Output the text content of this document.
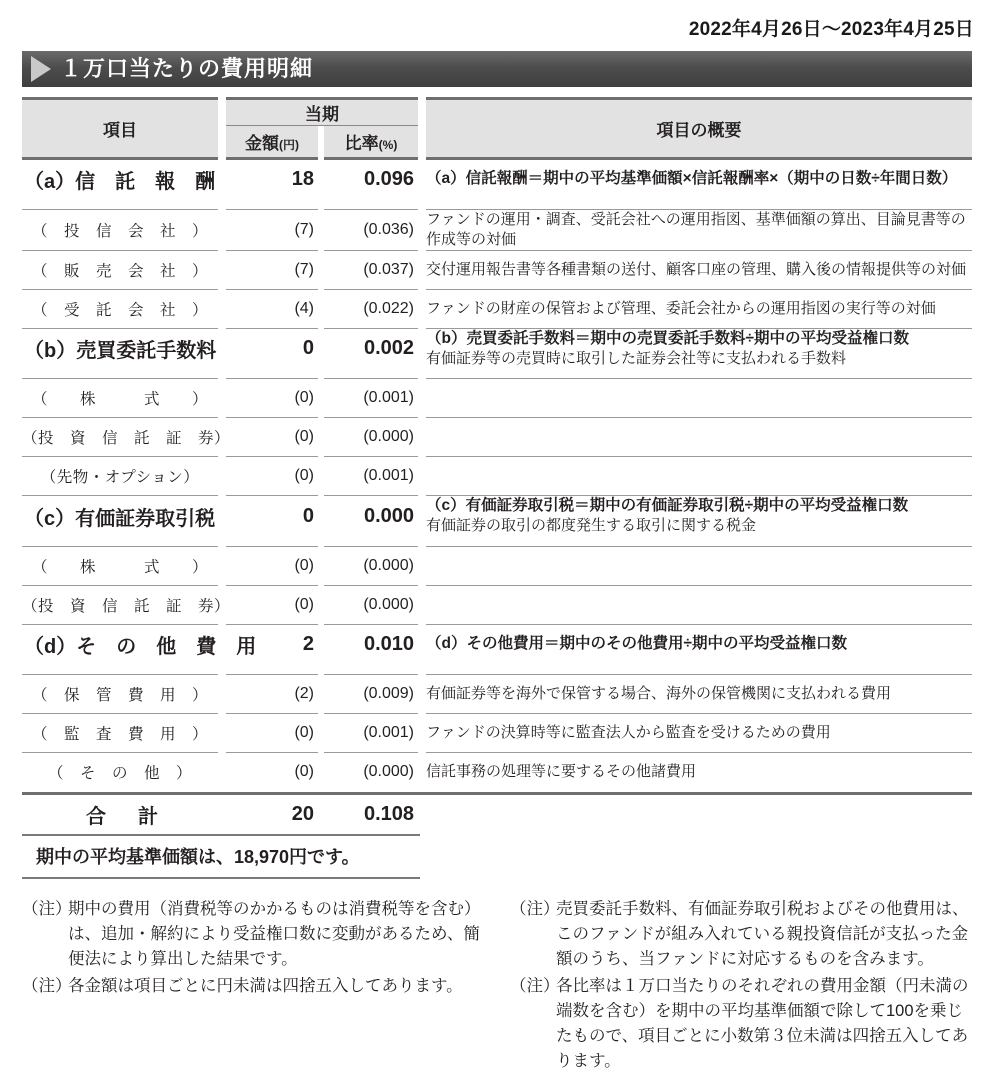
2022年4月26日～2023年4月25日
１万口当たりの費用明細
項目		当期				項目の概要
		金額(円)		比率(%)		
（a）信　託　報　酬		18		0.096		（a）信託報酬＝期中の平均基準価額×信託報酬率×（期中の日数÷年間日数）

（　投　信　会　社　）		(7)		(0.036)		ファンドの運用・調査、受託会社への運用指図、基準価額の算出、目論見書等の作成等の対価
（　販　売　会　社　）		(7)		(0.037)		交付運用報告書等各種書類の送付、顧客口座の管理、購入後の情報提供等の対価
（　受　託　会　社　）		(4)		(0.022)		ファンドの財産の保管および管理、委託会社からの運用指図の実行等の対価
（b）売買委託手数料		0		0.002		（b）売買委託手数料＝期中の売買委託手数料÷期中の平均受益権口数
有価証券等の売買時に取引した証券会社等に支払われる手数料

（　　株　　　式　　）		(0)		(0.001)		
（投　資　信　託　証　券）		(0)		(0.000)		
（先物・オプション）		(0)		(0.001)		
（c）有価証券取引税		0		0.000		（c）有価証券取引税＝期中の有価証券取引税÷期中の平均受益権口数
有価証券の取引の都度発生する取引に関する税金

（　　株　　　式　　）		(0)		(0.000)		
（投　資　信　託　証　券）		(0)		(0.000)		
（d）そ　の　他　費　用		2		0.010		（d）その他費用＝期中のその他費用÷期中の平均受益権口数

（　保　管　費　用　）		(2)		(0.009)		有価証券等を海外で保管する場合、海外の保管機関に支払われる費用
（　監　査　費　用　）		(0)		(0.001)		ファンドの決算時等に監査法人から監査を受けるための費用
（　そ　の　他　）		(0)		(0.000)		信託事務の処理等に要するその他諸費用
合　計		20		0.108		
期中の平均基準価額は、18,970円です。
（注）
期中の費用（消費税等のかかるものは消費税等を含む）は、追加・解約により受益権口数に変動があるため、簡便法により算出した結果です。
（注）
各金額は項目ごとに円未満は四捨五入してあります。
（注）
売買委託手数料、有価証券取引税およびその他費用は、このファンドが組み入れている親投資信託が支払った金額のうち、当ファンドに対応するものを含みます。
（注）
各比率は１万口当たりのそれぞれの費用金額（円未満の端数を含む）を期中の平均基準価額で除して100を乗じたもので、項目ごとに小数第３位未満は四捨五入してあります。
